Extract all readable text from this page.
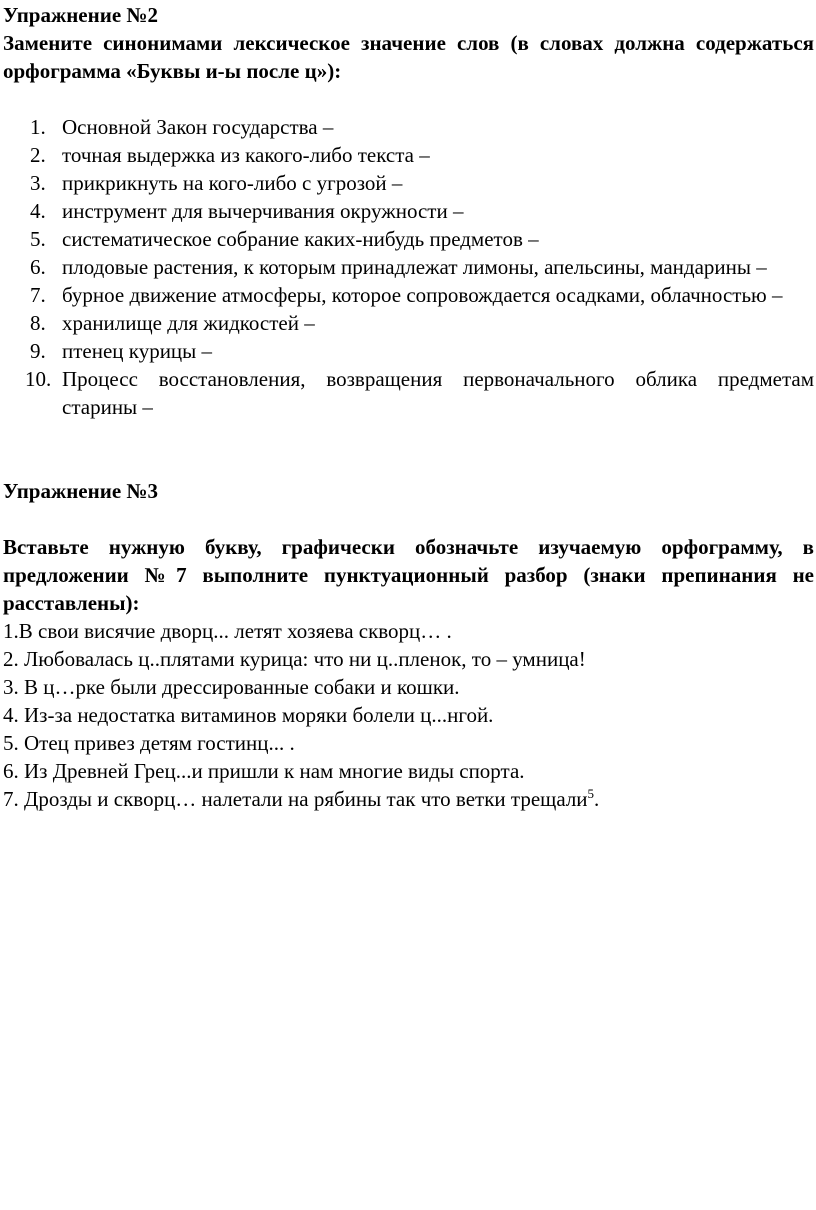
Упражнение №2

Замените синонимами лексическое значение слов (в словах должна содержаться орфограмма «Буквы и-ы после ц»):

1. Основной Закон государства –
2. точная выдержка из какого-либо текста –
3. прикрикнуть на кого-либо с угрозой –
4. инструмент для вычерчивания окружности –
5. систематическое собрание каких-нибудь предметов –
6. плодовые растения, к которым принадлежат лимоны, апельсины, мандарины –
7. бурное движение атмосферы, которое сопровождается осадками, облачностью –
8. хранилище для жидкостей –
9. птенец курицы –
10. Процесс восстановления, возвращения первоначального облика предметам старины –
Упражнение №3

Вставьте нужную букву, графически обозначьте изучаемую орфограмму, в предложении №7 выполните пунктуационный разбор (знаки препинания не расставлены):

1.В свои висячие дворц... летят хозяева скворц… .

2. Любовалась ц..плятами курица: что ни ц..пленок, то – умница!

3. В ц…рке были дрессированные собаки и кошки.

4. Из-за недостатка витаминов моряки болели ц...нгой.

5. Отец привез детям гостинц... .

6. Из Древней Грец...и пришли к нам многие виды спорта.

7. Дрозды и скворц… налетали на рябины так что ветки трещали$^5$.
